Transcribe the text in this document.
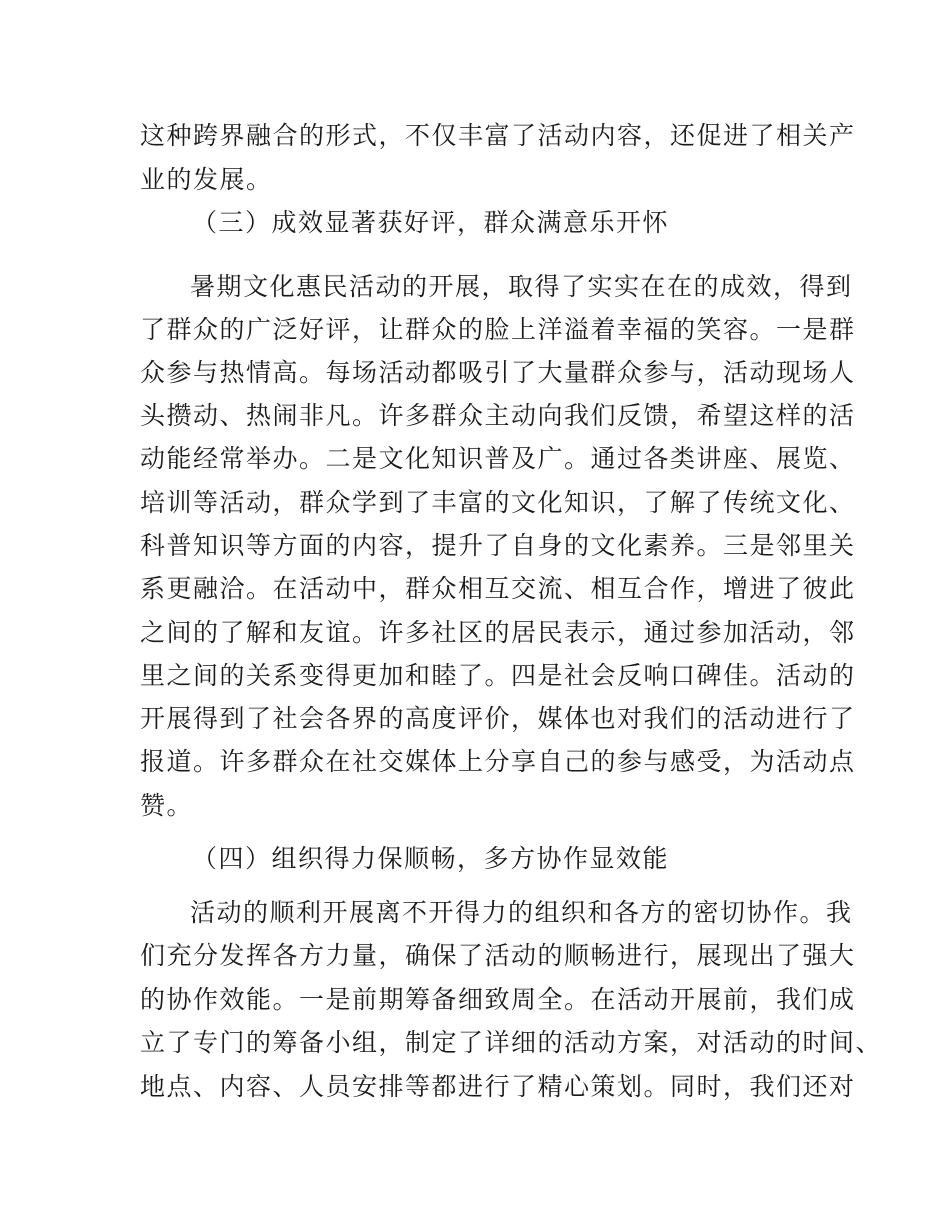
这种跨界融合的形式，不仅丰富了活动内容，还促进了相关产
业的发展。
（三）成效显著获好评，群众满意乐开怀
暑期文化惠民活动的开展，取得了实实在在的成效，得到
了群众的广泛好评，让群众的脸上洋溢着幸福的笑容。一是群
众参与热情高。每场活动都吸引了大量群众参与，活动现场人
头攒动、热闹非凡。许多群众主动向我们反馈，希望这样的活
动能经常举办。二是文化知识普及广。通过各类讲座、展览、
培训等活动，群众学到了丰富的文化知识，了解了传统文化、
科普知识等方面的内容，提升了自身的文化素养。三是邻里关
系更融洽。在活动中，群众相互交流、相互合作，增进了彼此
之间的了解和友谊。许多社区的居民表示，通过参加活动，邻
里之间的关系变得更加和睦了。四是社会反响口碑佳。活动的
开展得到了社会各界的高度评价，媒体也对我们的活动进行了
报道。许多群众在社交媒体上分享自己的参与感受，为活动点
赞。
（四）组织得力保顺畅，多方协作显效能
活动的顺利开展离不开得力的组织和各方的密切协作。我
们充分发挥各方力量，确保了活动的顺畅进行，展现出了强大
的协作效能。一是前期筹备细致周全。在活动开展前，我们成
立了专门的筹备小组，制定了详细的活动方案，对活动的时间、
地点、内容、人员安排等都进行了精心策划。同时，我们还对
